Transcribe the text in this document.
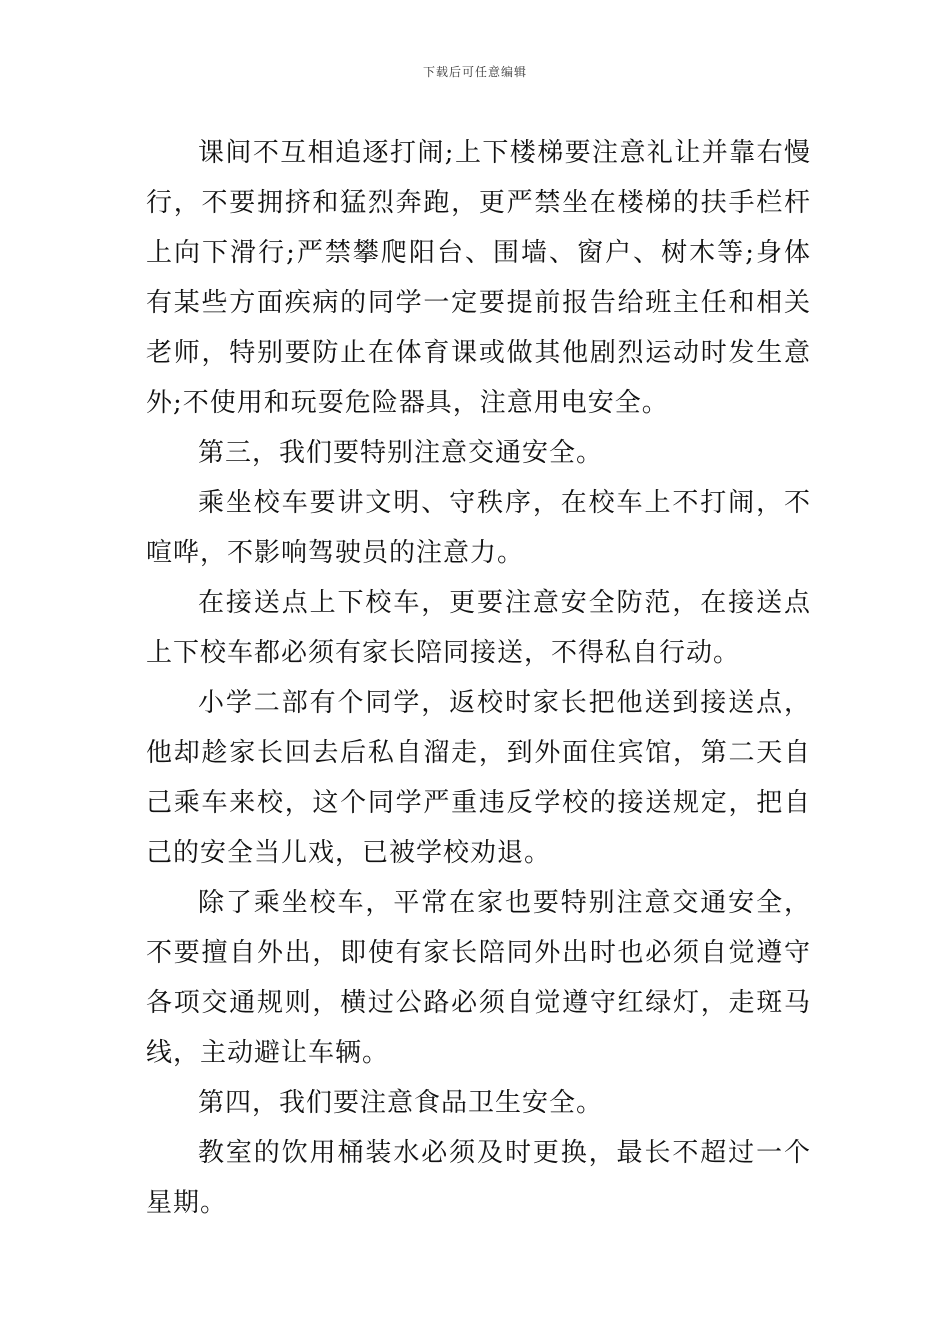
下载后可任意编辑

课间不互相追逐打闹;上下楼梯要注意礼让并靠右慢行，不要拥挤和猛烈奔跑，更严禁坐在楼梯的扶手栏杆上向下滑行;严禁攀爬阳台、围墙、窗户、树木等;身体有某些方面疾病的同学一定要提前报告给班主任和相关老师，特别要防止在体育课或做其他剧烈运动时发生意外;不使用和玩耍危险器具，注意用电安全。

第三，我们要特别注意交通安全。

乘坐校车要讲文明、守秩序，在校车上不打闹，不喧哗，不影响驾驶员的注意力。

在接送点上下校车，更要注意安全防范，在接送点上下校车都必须有家长陪同接送，不得私自行动。

小学二部有个同学，返校时家长把他送到接送点，他却趁家长回去后私自溜走，到外面住宾馆，第二天自己乘车来校，这个同学严重违反学校的接送规定，把自己的安全当儿戏，已被学校劝退。

除了乘坐校车，平常在家也要特别注意交通安全，不要擅自外出，即使有家长陪同外出时也必须自觉遵守各项交通规则，横过公路必须自觉遵守红绿灯，走斑马线，主动避让车辆。

第四，我们要注意食品卫生安全。

教室的饮用桶装水必须及时更换，最长不超过一个星期。
